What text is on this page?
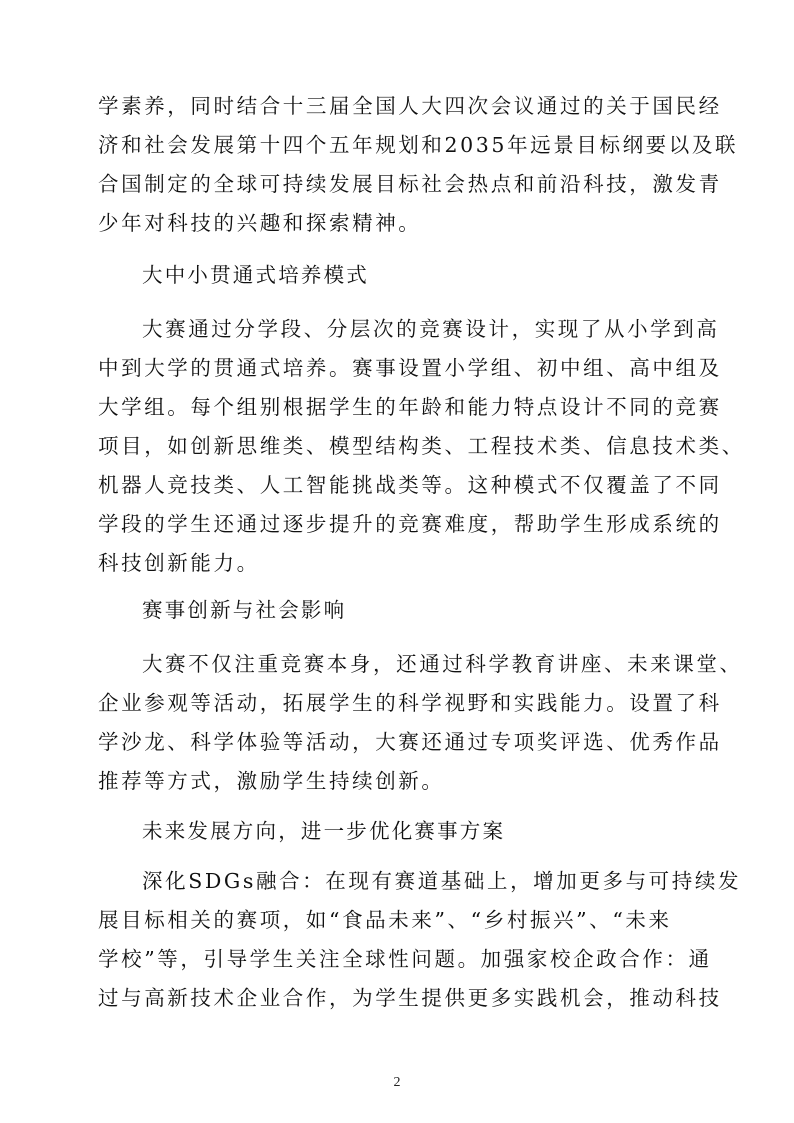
学素养，同时结合十三届全国人大四次会议通过的关于国民经
济和社会发展第十四个五年规划和2035年远景目标纲要以及联
合国制定的全球可持续发展目标社会热点和前沿科技，激发青
少年对科技的兴趣和探索精神。
大中小贯通式培养模式
大赛通过分学段、分层次的竞赛设计，实现了从小学到高
中到大学的贯通式培养。赛事设置小学组、初中组、高中组及
大学组。每个组别根据学生的年龄和能力特点设计不同的竞赛
项目，如创新思维类、模型结构类、工程技术类、信息技术类、
机器人竞技类、人工智能挑战类等。这种模式不仅覆盖了不同
学段的学生还通过逐步提升的竞赛难度，帮助学生形成系统的
科技创新能力。
赛事创新与社会影响
大赛不仅注重竞赛本身，还通过科学教育讲座、未来课堂、
企业参观等活动，拓展学生的科学视野和实践能力。设置了科
学沙龙、科学体验等活动，大赛还通过专项奖评选、优秀作品
推荐等方式，激励学生持续创新。
未来发展方向，进一步优化赛事方案
深化SDGs融合：在现有赛道基础上，增加更多与可持续发
展目标相关的赛项，如“食品未来”、“乡村振兴”、“未来
学校”等，引导学生关注全球性问题。加强家校企政合作：通
过与高新技术企业合作，为学生提供更多实践机会，推动科技
2
